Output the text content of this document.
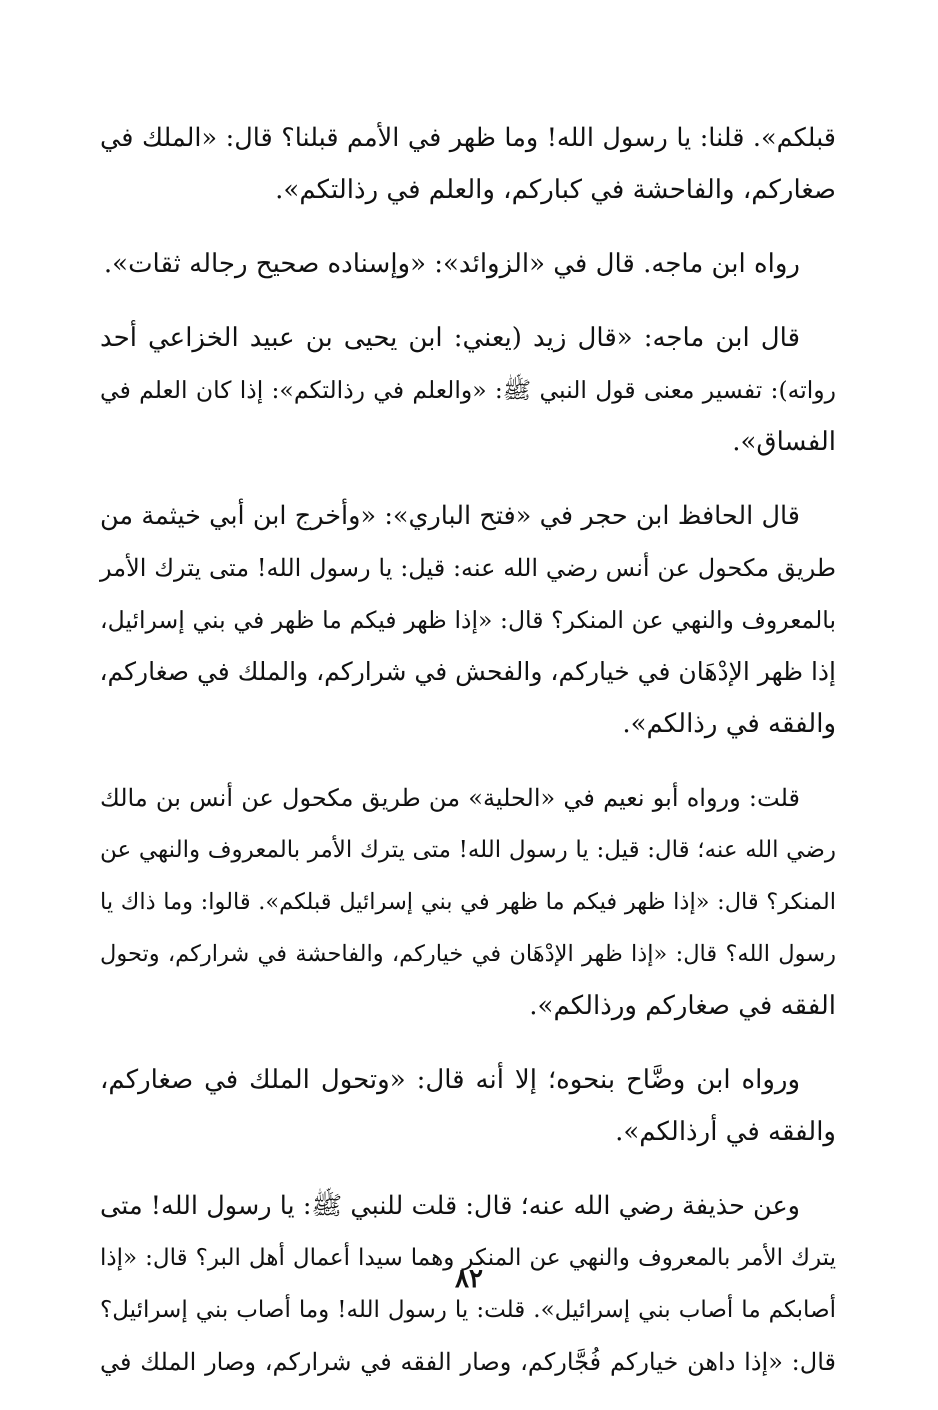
قبلكم». قلنا: يا رسول الله! وما ظهر في الأمم قبلنا؟ قال: «الملك في
صغاركم، والفاحشة في كباركم، والعلم في رذالتكم».
رواه ابن ماجه. قال في «الزوائد»: «وإسناده صحيح رجاله ثقات».
قال ابن ماجه: «قال زيد (يعني: ابن يحيى بن عبيد الخزاعي أحد
رواته): تفسير معنى قول النبي ﷺ: «والعلم في رذالتكم»: إذا كان العلم في
الفساق».
قال الحافظ ابن حجر في «فتح الباري»: «وأخرج ابن أبي خيثمة من
طريق مكحول عن أنس رضي الله عنه: قيل: يا رسول الله! متى يترك الأمر
بالمعروف والنهي عن المنكر؟ قال: «إذا ظهر فيكم ما ظهر في بني إسرائيل،
إذا ظهر الإدْهَان في خياركم، والفحش في شراركم، والملك في صغاركم،
والفقه في رذالكم».
قلت: ورواه أبو نعيم في «الحلية» من طريق مكحول عن أنس بن مالك
رضي الله عنه؛ قال: قيل: يا رسول الله! متى يترك الأمر بالمعروف والنهي عن
المنكر؟ قال: «إذا ظهر فيكم ما ظهر في بني إسرائيل قبلكم». قالوا: وما ذاك يا
رسول الله؟ قال: «إذا ظهر الإدْهَان في خياركم، والفاحشة في شراركم، وتحول
الفقه في صغاركم ورذالكم».
ورواه ابن وضَّاح بنحوه؛ إلا أنه قال: «وتحول الملك في صغاركم،
والفقه في أرذالكم».
وعن حذيفة رضي الله عنه؛ قال: قلت للنبي ﷺ: يا رسول الله! متى
يترك الأمر بالمعروف والنهي عن المنكر وهما سيدا أعمال أهل البر؟ قال: «إذا
أصابكم ما أصاب بني إسرائيل». قلت: يا رسول الله! وما أصاب بني إسرائيل؟
قال: «إذا داهن خياركم فُجَّاركم، وصار الفقه في شراركم، وصار الملك في
٨٢
